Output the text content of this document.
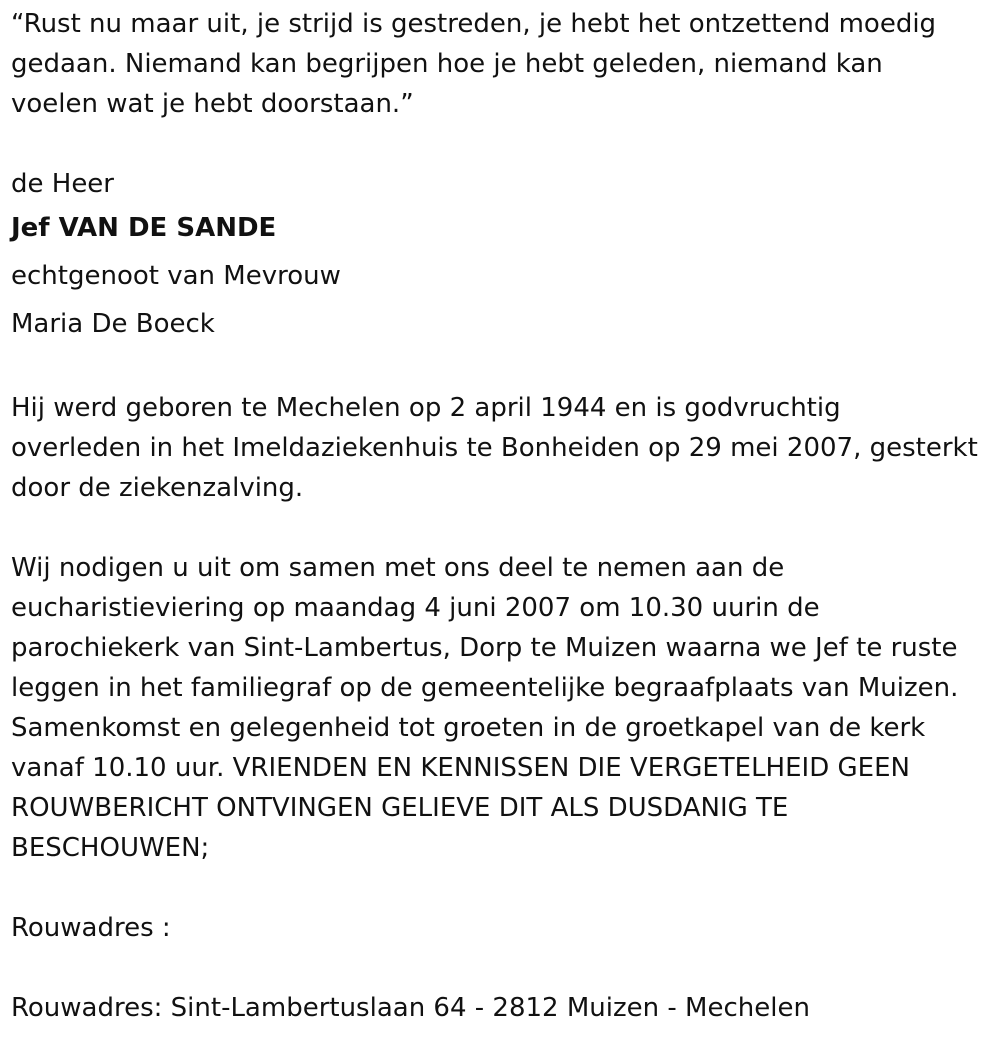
“Rust nu maar uit, je strijd is gestreden, je hebt het ontzettend moedig
gedaan. Niemand kan begrijpen hoe je hebt geleden, niemand kan
voelen wat je hebt doorstaan.”
de Heer
Jef VAN DE SANDE
echtgenoot van Mevrouw
Maria De Boeck
Hij werd geboren te Mechelen op 2 april 1944 en is godvruchtig
overleden in het Imeldaziekenhuis te Bonheiden op 29 mei 2007, gesterkt
door de ziekenzalving.
Wij nodigen u uit om samen met ons deel te nemen aan de
eucharistieviering op maandag 4 juni 2007 om 10.30 uurin de
parochiekerk van Sint-Lambertus, Dorp te Muizen waarna we Jef te ruste
leggen in het familiegraf op de gemeentelijke begraafplaats van Muizen.
Samenkomst en gelegenheid tot groeten in de groetkapel van de kerk
vanaf 10.10 uur. VRIENDEN EN KENNISSEN DIE VERGETELHEID GEEN
ROUWBERICHT ONTVINGEN GELIEVE DIT ALS DUSDANIG TE
BESCHOUWEN;
Rouwadres :
Rouwadres: Sint-Lambertuslaan 64 - 2812 Muizen - Mechelen
